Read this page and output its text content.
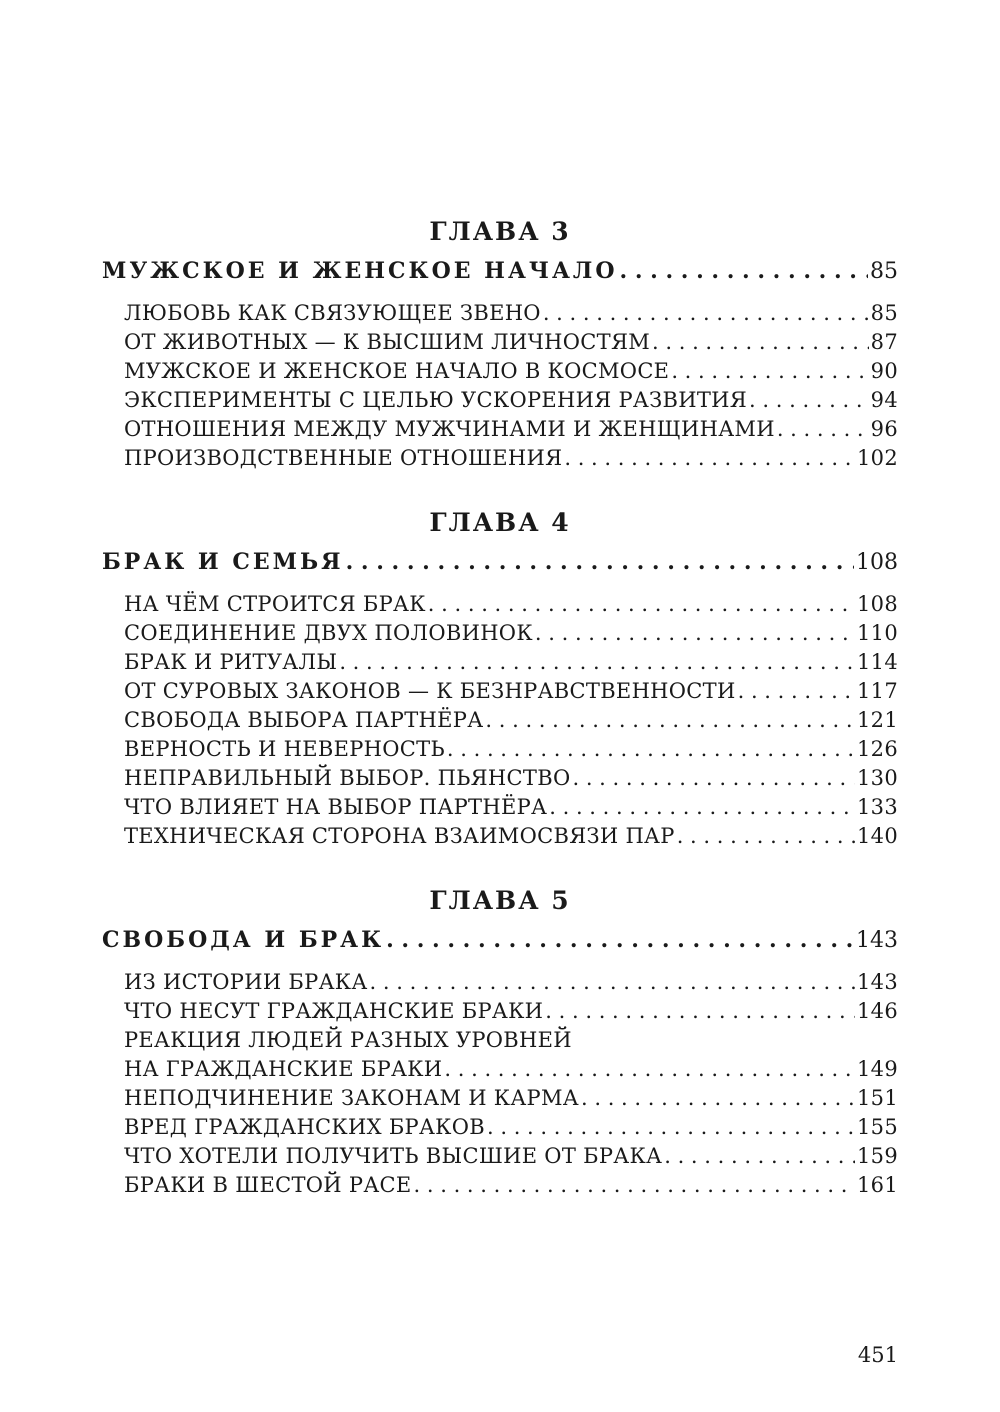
ГЛАВА 3
МУЖСКОЕ И ЖЕНСКОЕ НАЧАЛО . . .	85
ЛЮБОВЬ КАК СВЯЗУЮЩЕЕ ЗВЕНО . . .	85
ОТ ЖИВОТНЫХ — К ВЫСШИМ ЛИЧНОСТЯМ . . .	87
МУЖСКОЕ И ЖЕНСКОЕ НАЧАЛО В КОСМОСЕ . . .	90
ЭКСПЕРИМЕНТЫ С ЦЕЛЬЮ УСКОРЕНИЯ РАЗВИТИЯ . . .	94
ОТНОШЕНИЯ МЕЖДУ МУЖЧИНАМИ И ЖЕНЩИНАМИ . . .	96
ПРОИЗВОДСТВЕННЫЕ ОТНОШЕНИЯ . . .	102
ГЛАВА 4
БРАК И СЕМЬЯ . . .	108
НА ЧЁМ СТРОИТСЯ БРАК . . .	108
СОЕДИНЕНИЕ ДВУХ ПОЛОВИНОК . . .	110
БРАК И РИТУАЛЫ . . .	114
ОТ СУРОВЫХ ЗАКОНОВ — К БЕЗНРАВСТВЕННОСТИ . . .	117
СВОБОДА ВЫБОРА ПАРТНЁРА . . .	121
ВЕРНОСТЬ И НЕВЕРНОСТЬ . . .	126
НЕПРАВИЛЬНЫЙ ВЫБОР. ПЬЯНСТВО . . .	130
ЧТО ВЛИЯЕТ НА ВЫБОР ПАРТНЁРА . . .	133
ТЕХНИЧЕСКАЯ СТОРОНА ВЗАИМОСВЯЗИ ПАР . . .	140
ГЛАВА 5
СВОБОДА И БРАК . . .	143
ИЗ ИСТОРИИ БРАКА . . .	143
ЧТО НЕСУТ ГРАЖДАНСКИЕ БРАКИ . . .	146
РЕАКЦИЯ ЛЮДЕЙ РАЗНЫХ УРОВНЕЙ
НА ГРАЖДАНСКИЕ БРАКИ . . .	149
НЕПОДЧИНЕНИЕ ЗАКОНАМ И КАРМА . . .	151
ВРЕД ГРАЖДАНСКИХ БРАКОВ . . .	155
ЧТО ХОТЕЛИ ПОЛУЧИТЬ ВЫСШИЕ ОТ БРАКА . . .	159
БРАКИ В ШЕСТОЙ РАСЕ . . .	161
451
